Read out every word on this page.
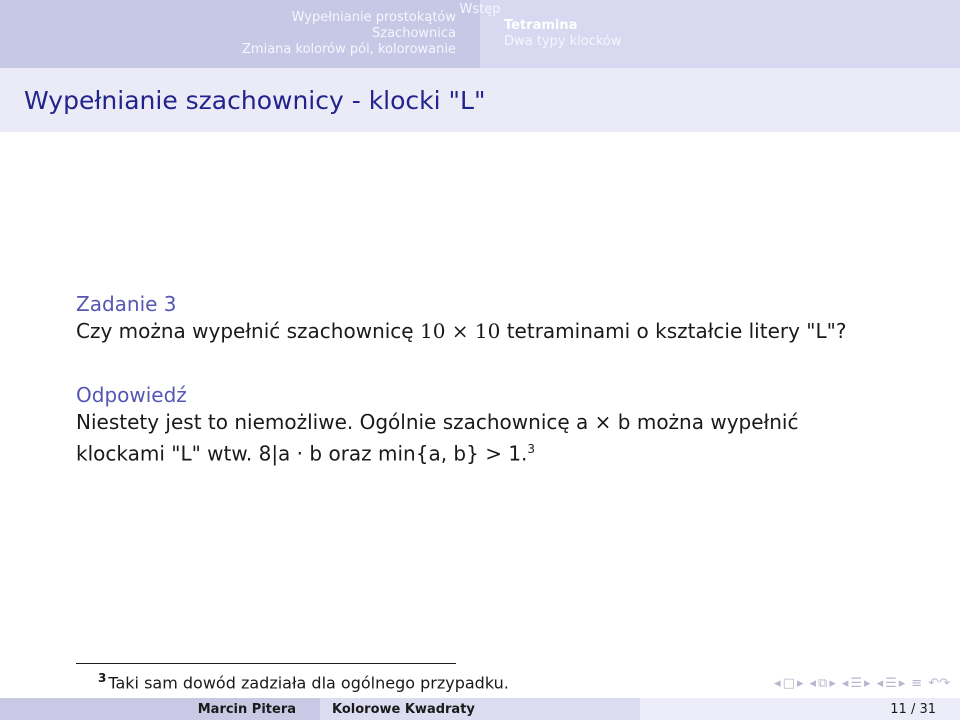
Wypełnianie prostokątów
Szachownica
Zmiana kolorów pól, kolorowanie
Tetramina
Dwa typy klocków
Wstęp
Wypełnianie szachownicy - klocki "L"
Zadanie 3
Czy można wypełnić szachownicę 10 × 10 tetraminami o kształcie litery "L"?
Odpowiedź
Niestety jest to niemożliwe. Ogólnie szachownicę a × b można wypełnić
klockami "L" wtw. 8|a · b oraz min{a, b} > 1.$^3$
$^3$ Taki sam dowód zadziała dla ogólnego przypadku.	◂ □ ▸ ◂ ⧉ ▸ ◂ ☰ ▸ ◂ ☰ ▸ ≡ ↶↷
Marcin Pitera	Kolorowe Kwadraty	11 / 31
